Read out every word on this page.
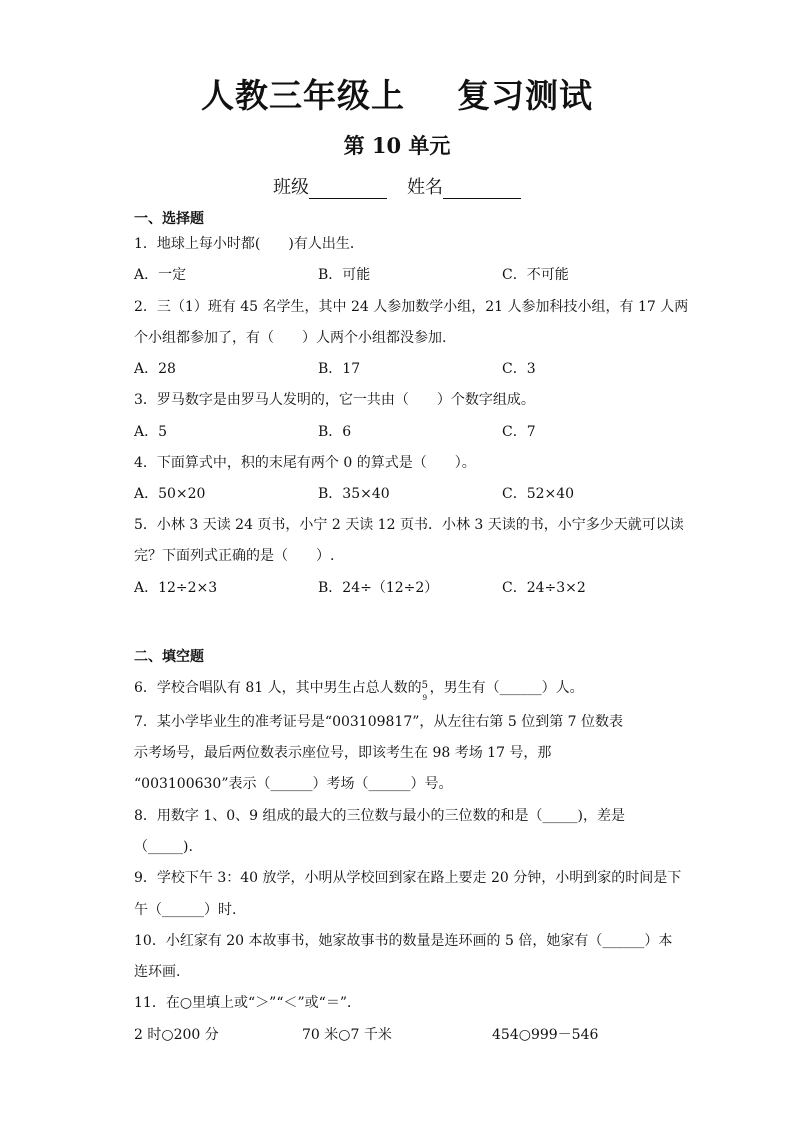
人教三年级上 复习测试
第 10 单元
班级	姓名
一、选择题
1．地球上每小时都(　　)有人出生．
A．一定	B．可能	C．不可能
2．三（1）班有 45 名学生，其中 24 人参加数学小组，21 人参加科技小组，有 17 人两
个小组都参加了，有（　　）人两个小组都没参加.
A．28	B．17	C．3
3．罗马数字是由罗马人发明的，它一共由（　　）个数字组成。
A．5	B．6	C．7
4．下面算式中，积的末尾有两个 0 的算式是（　　）。
A．50×20	B．35×40	C．52×40
5．小林 3 天读 24 页书，小宁 2 天读 12 页书．小林 3 天读的书，小宁多少天就可以读
完？下面列式正确的是（　　）.
A．12÷2×3	B．24÷（12÷2）	C．24÷3×2
二、填空题
6．学校合唱队有 81 人，其中男生占总人数的 5
9
，男生有（______）人。
7．某小学毕业生的准考证号是“003109817”，从左往右第 5 位到第 7 位数表
示考场号，最后两位数表示座位号，即该考生在 98 考场 17 号，那
“003100630”表示（______）考场（______）号。
8．用数字 1、0、9 组成的最大的三位数与最小的三位数的和是（_____)，差是
（_____).
9．学校下午 3：40 放学，小明从学校回到家在路上要走 20 分钟，小明到家的时间是下
午（______）时.
10．小红家有 20 本故事书，她家故事书的数量是连环画的 5 倍，她家有（______）本
连环画.
11．在○里填上或“＞”“＜”或“＝”．
2 时○200 分	70 米○7 千米	454○999－546
